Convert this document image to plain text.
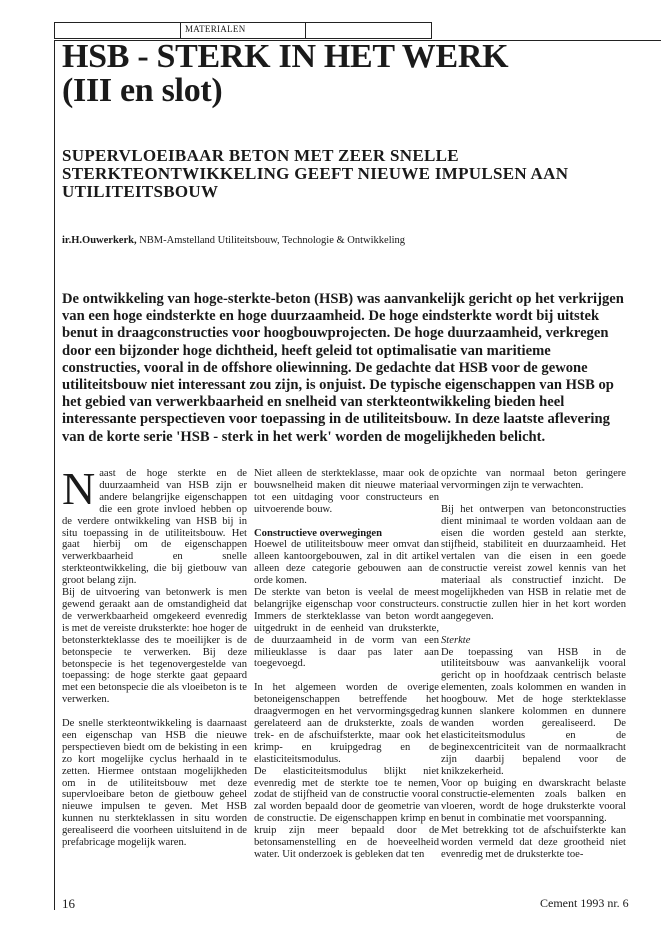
MATERIALEN
HSB - STERK IN HET WERK
(III en slot)
SUPERVLOEIBAAR BETON MET ZEER SNELLE STERKTEONTWIKKELING GEEFT NIEUWE IMPULSEN AAN UTILITEITSBOUW
ir.H.Ouwerkerk, NBM-Amstelland Utiliteitsbouw, Technologie & Ontwikkeling
De ontwikkeling van hoge-sterkte-beton (HSB) was aanvankelijk gericht op het verkrijgen van een hoge eindsterkte en hoge duurzaamheid. De hoge eindsterkte wordt bij uitstek benut in draagconstructies voor hoogbouwprojecten. De hoge duurzaamheid, verkregen door een bijzonder hoge dichtheid, heeft geleid tot optimalisatie van maritieme constructies, vooral in de offshore oliewinning. De gedachte dat HSB voor de gewone utiliteitsbouw niet interessant zou zijn, is onjuist. De typische eigenschappen van HSB op het gebied van verwerkbaarheid en snelheid van sterkteontwikkeling bieden heel interessante perspectieven voor toepassing in de utiliteitsbouw. In deze laatste aflevering van de korte serie 'HSB - sterk in het werk' worden de mogelijkheden belicht.

Naast de hoge sterkte en de duurzaamheid van HSB zijn er andere belangrijke eigenschappen die een grote invloed hebben op de verdere ontwikkeling van HSB bij in situ toepassing in de utiliteitsbouw. Het gaat hierbij om de eigenschappen verwerkbaarheid en snelle sterkteontwikkeling, die bij gietbouw van groot belang zijn.

Bij de uitvoering van betonwerk is men gewend geraakt aan de omstandigheid dat de verwerkbaarheid omgekeerd evenredig is met de vereiste druksterkte: hoe hoger de betonsterkteklasse des te moeilijker is de betonspecie te verwerken. Bij deze betonspecie is het tegenovergestelde van toepassing: de hoge sterkte gaat gepaard met een betonspecie die als vloeibeton is te verwerken.

De snelle sterkteontwikkeling is daarnaast een eigenschap van HSB die nieuwe perspectieven biedt om de bekisting in een zo kort mogelijke cyclus herhaald in te zetten. Hiermee ontstaan mogelijkheden om in de utiliteitsbouw met deze supervloeibare beton de gietbouw geheel nieuwe impulsen te geven. Met HSB kunnen nu sterkteklassen in situ worden gerealiseerd die voorheen uitsluitend in de prefabricage mogelijk waren.

Niet alleen de sterkteklasse, maar ook de bouwsnelheid maken dit nieuwe materiaal tot een uitdaging voor constructeurs en uitvoerende bouw.

Constructieve overwegingen

Hoewel de utiliteitsbouw meer omvat dan alleen kantoorgebouwen, zal in dit artikel alleen deze categorie gebouwen aan de orde komen.

De sterkte van beton is veelal de meest belangrijke eigenschap voor constructeurs. Immers de sterkteklasse van beton wordt uitgedrukt in de eenheid van druksterkte, de duurzaamheid in de vorm van een milieuklasse is daar pas later aan toegevoegd.

In het algemeen worden de overige betoneigenschappen betreffende het draagvermogen en het vervormingsgedrag gerelateerd aan de druksterkte, zoals de trek- en de afschuifsterkte, maar ook het krimp- en kruipgedrag en de elasticiteitsmodulus.

De elasticiteitsmodulus blijkt niet evenredig met de sterkte toe te nemen, zodat de stijfheid van de constructie vooral zal worden bepaald door de geometrie van de constructie. De eigenschappen krimp en kruip zijn meer bepaald door de betonsamenstelling en de hoeveelheid water. Uit onderzoek is gebleken dat ten

opzichte van normaal beton geringere vervormingen zijn te verwachten.

Bij het ontwerpen van betonconstructies dient minimaal te worden voldaan aan de eisen die worden gesteld aan sterkte, stijfheid, stabiliteit en duurzaamheid. Het vertalen van die eisen in een goede constructie vereist zowel kennis van het materiaal als constructief inzicht. De mogelijkheden van HSB in relatie met de constructie zullen hier in het kort worden aangegeven.

Sterkte

De toepassing van HSB in de utiliteitsbouw was aanvankelijk vooral gericht op in hoofdzaak centrisch belaste elementen, zoals kolommen en wanden in hoogbouw. Met de hoge sterkteklasse kunnen slankere kolommen en dunnere wanden worden gerealiseerd. De elasticiteitsmodulus en de beginexcentriciteit van de normaalkracht zijn daarbij bepalend voor de knikzekerheid.

Voor op buiging en dwarskracht belaste constructie-elementen zoals balken en vloeren, wordt de hoge druksterkte vooral benut in combinatie met voorspanning.

Met betrekking tot de afschuifsterkte kan worden vermeld dat deze grootheid niet evenredig met de druksterkte toe-

16	Cement 1993 nr. 6
